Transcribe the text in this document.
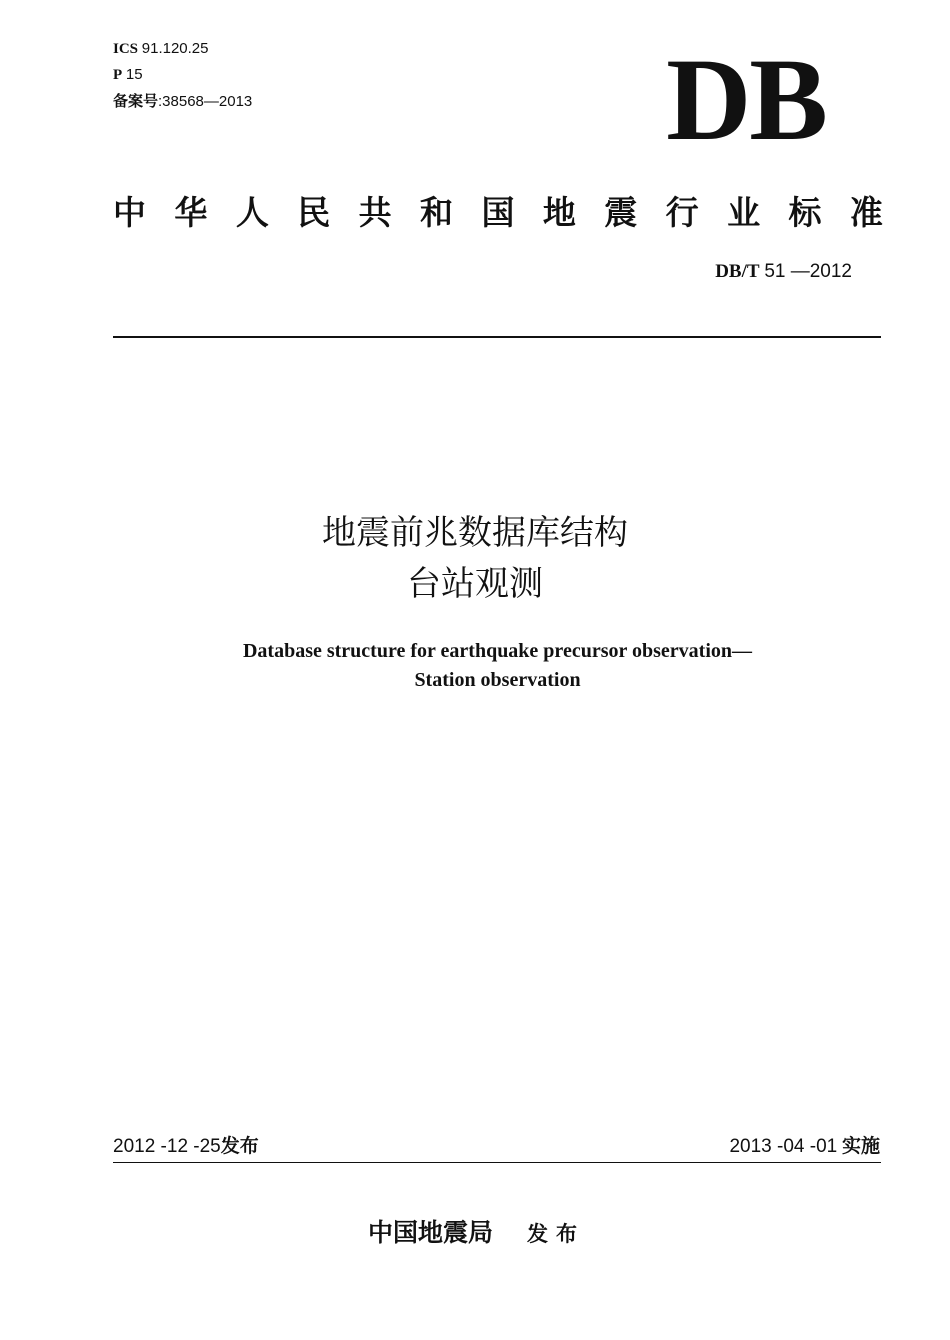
ICS 91.120.25
P 15
备案号:38568—2013	DB
中 华 人 民 共 和 国 地 震 行 业 标 准
DB/T 51 —2012
地震前兆数据库结构
台站观测
Database structure for earthquake precursor observation—
Station observation
2012 -12 -25发布	2013 -04 -01 实施
中国地震局 发布
